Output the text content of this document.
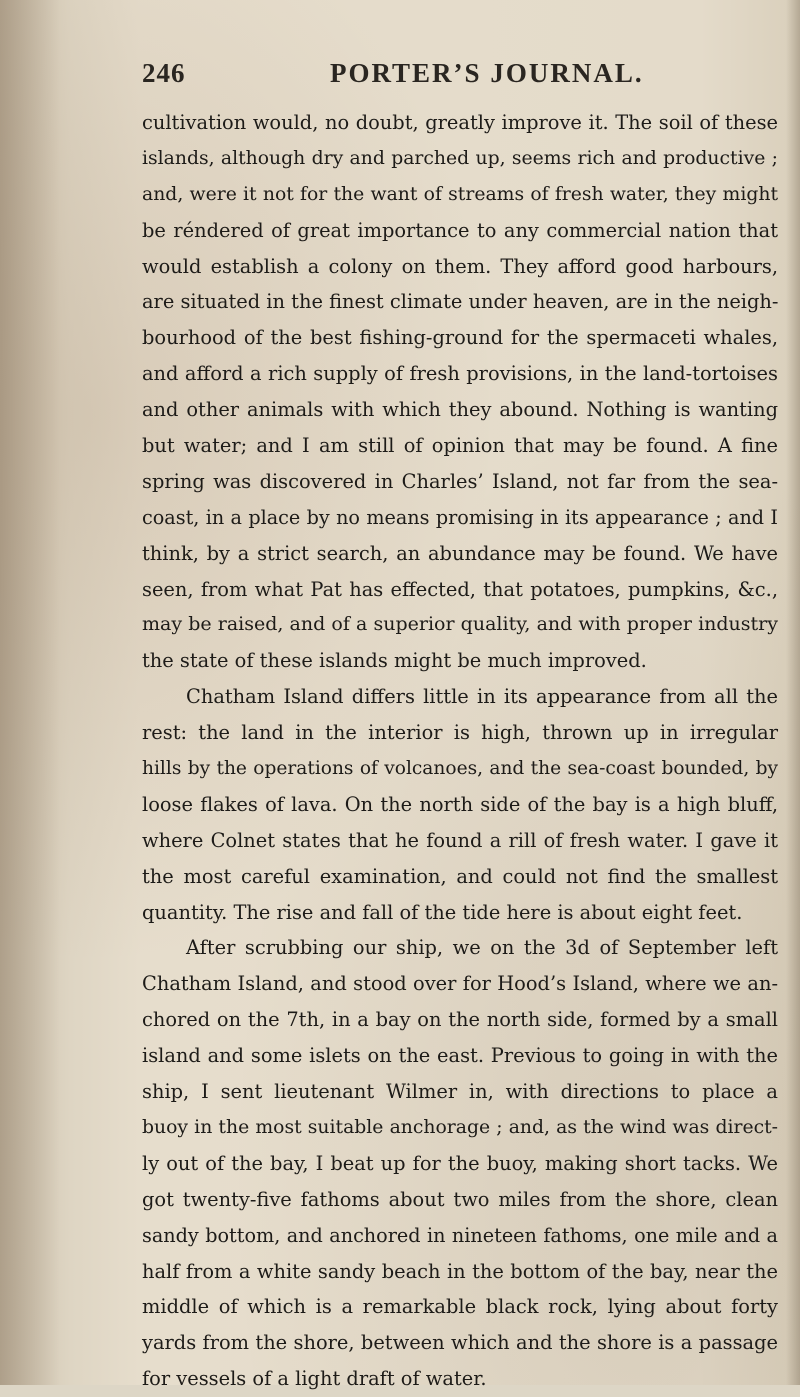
246	PORTER’S JOURNAL.
cultivation would, no doubt, greatly improve it. The soil of these
islands, although dry and parched up, seems rich and productive ;
and, were it not for the want of streams of fresh water, they might
be réndered of great importance to any commercial nation that
would establish a colony on them. They afford good harbours,
are situated in the finest climate under heaven, are in the neigh-
bourhood of the best fishing-ground for the spermaceti whales,
and afford a rich supply of fresh provisions, in the land-tortoises
and other animals with which they abound. Nothing is wanting
but water; and I am still of opinion that may be found. A fine
spring was discovered in Charles’ Island, not far from the sea-
coast, in a place by no means promising in its appearance ; and I
think, by a strict search, an abundance may be found. We have
seen, from what Pat has effected, that potatoes, pumpkins, &c.,
may be raised, and of a superior quality, and with proper industry
the state of these islands might be much improved.
Chatham Island differs little in its appearance from all the
rest: the land in the interior is high, thrown up in irregular
hills by the operations of volcanoes, and the sea-coast bounded, by
loose flakes of lava. On the north side of the bay is a high bluff,
where Colnet states that he found a rill of fresh water. I gave it
the most careful examination, and could not find the smallest
quantity. The rise and fall of the tide here is about eight feet.
After scrubbing our ship, we on the 3d of September left
Chatham Island, and stood over for Hood’s Island, where we an-
chored on the 7th, in a bay on the north side, formed by a small
island and some islets on the east. Previous to going in with the
ship, I sent lieutenant Wilmer in, with directions to place a
buoy in the most suitable anchorage ; and, as the wind was direct-
ly out of the bay, I beat up for the buoy, making short tacks. We
got twenty-five fathoms about two miles from the shore, clean
sandy bottom, and anchored in nineteen fathoms, one mile and a
half from a white sandy beach in the bottom of the bay, near the
middle of which is a remarkable black rock, lying about forty
yards from the shore, between which and the shore is a passage
for vessels of a light draft of water.
